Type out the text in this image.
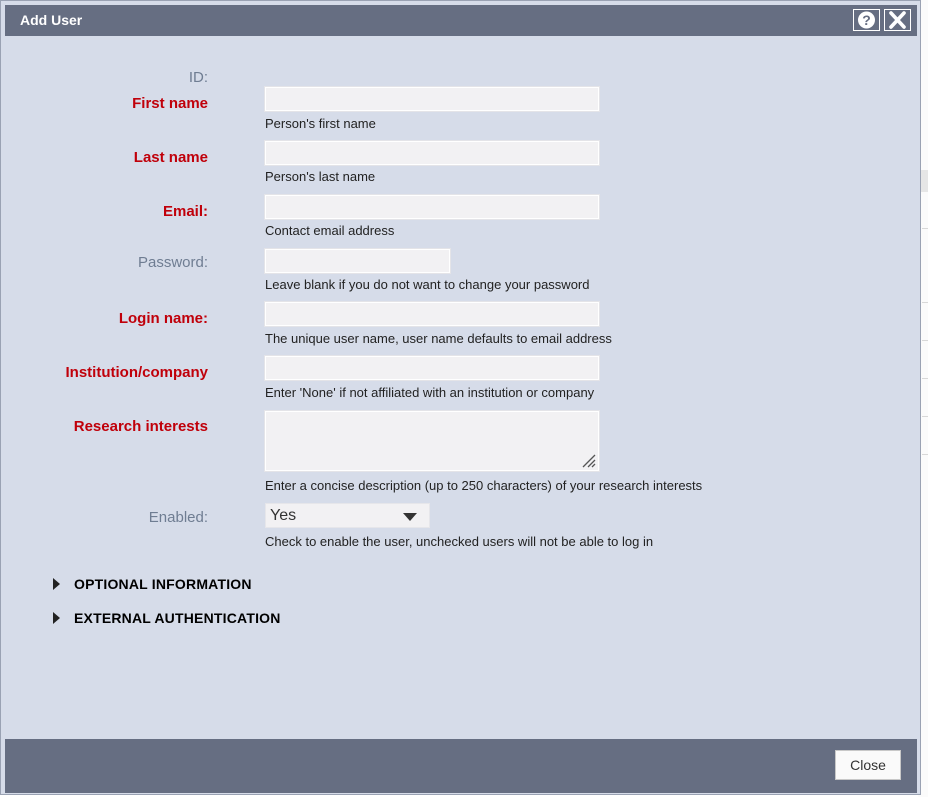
Add User	?
ID:
First name
Person's first name
Last name
Person's last name
Email:
Contact email address
Password:
Leave blank if you do not want to change your password
Login name:
The unique user name, user name defaults to email address
Institution/company
Enter 'None' if not affiliated with an institution or company
Research interests
Enter a concise description (up to 250 characters) of your research interests
Enabled:	Yes
Check to enable the user, unchecked users will not be able to log in
OPTIONAL INFORMATION
EXTERNAL AUTHENTICATION
Close
